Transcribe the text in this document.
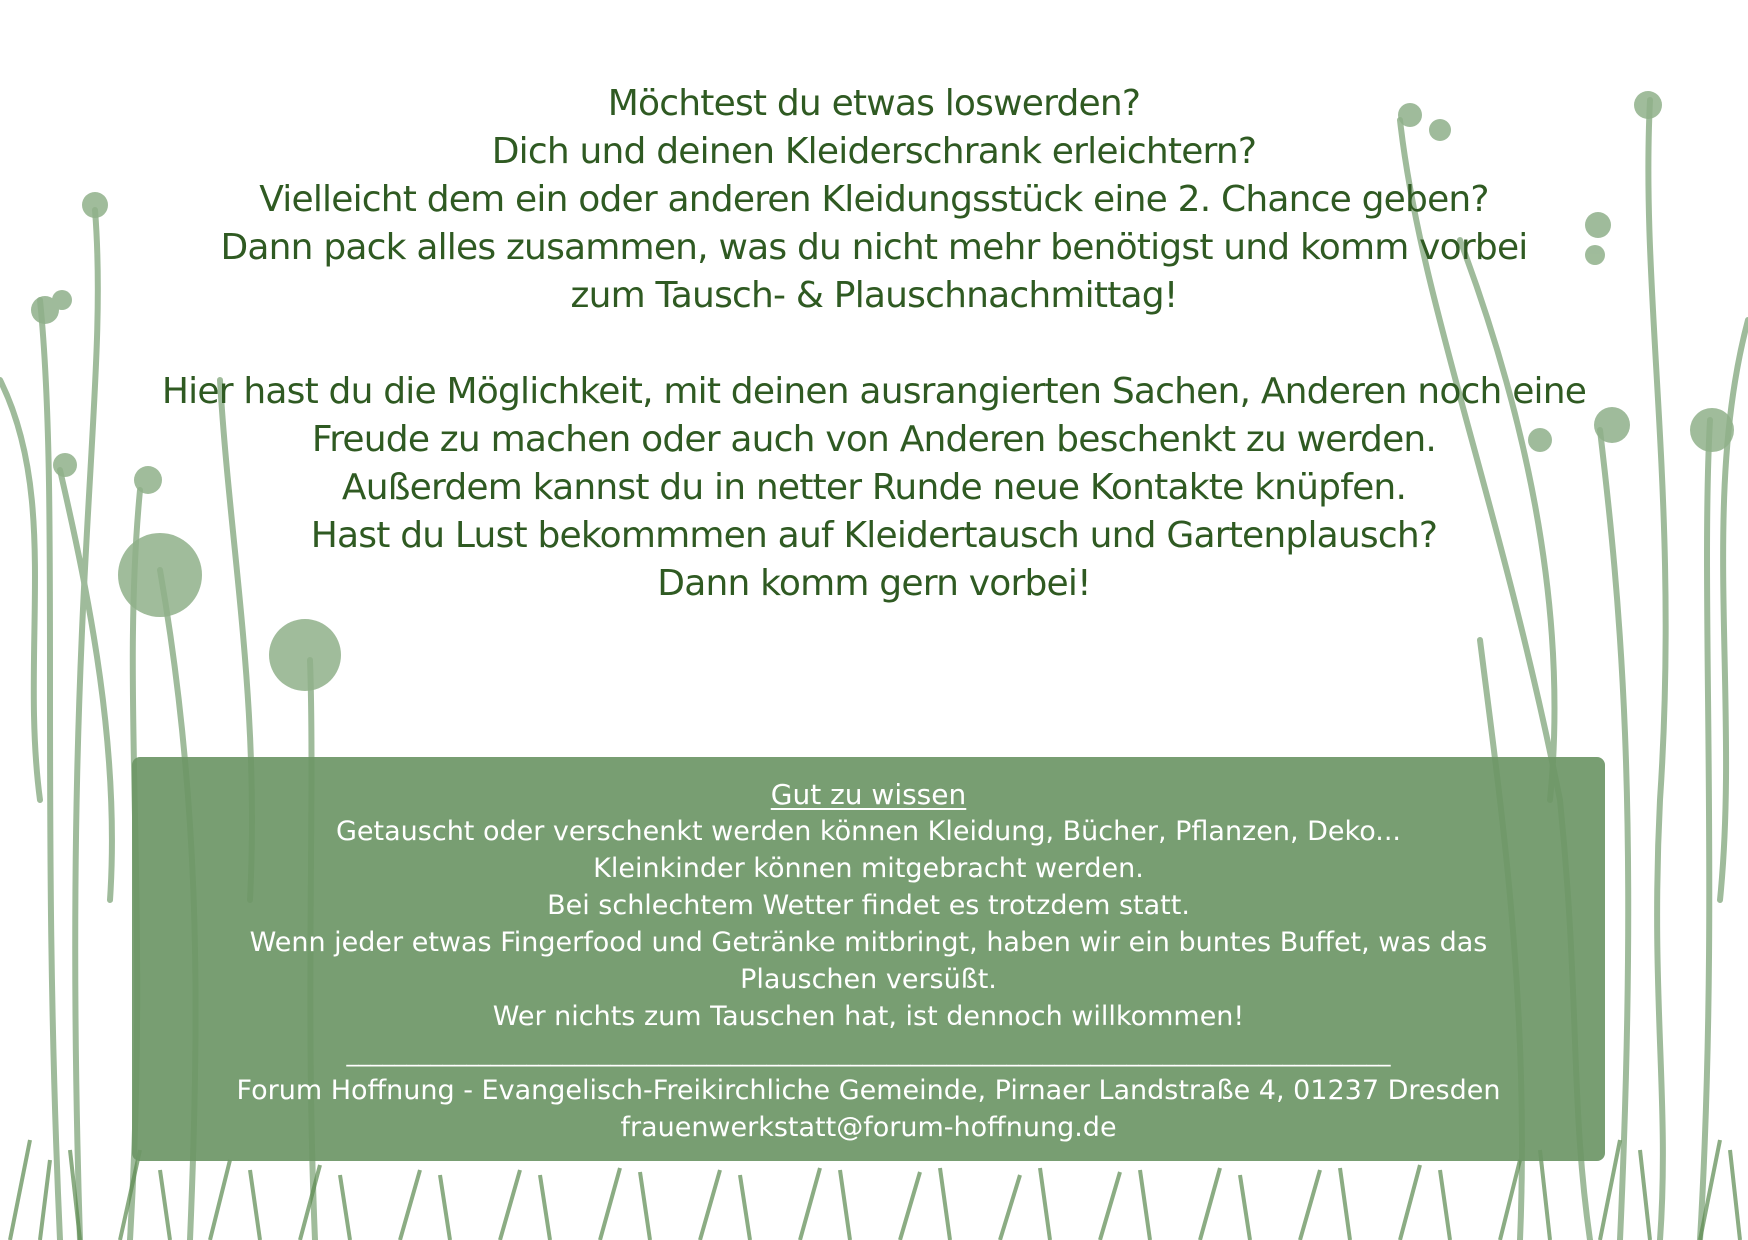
Möchtest du etwas loswerden?
Dich und deinen Kleiderschrank erleichtern?
Vielleicht dem ein oder anderen Kleidungsstück eine 2. Chance geben?
Dann pack alles zusammen, was du nicht mehr benötigst und komm vorbei
zum Tausch- & Plauschnachmittag!
Hier hast du die Möglichkeit, mit deinen ausrangierten Sachen, Anderen noch eine
Freude zu machen oder auch von Anderen beschenkt zu werden.
Außerdem kannst du in netter Runde neue Kontakte knüpfen.
Hast du Lust bekommmen auf Kleidertausch und Gartenplausch?
Dann komm gern vorbei!
Gut zu wissen
Getauscht oder verschenkt werden können Kleidung, Bücher, Pflanzen, Deko...
Kleinkinder können mitgebracht werden.
Bei schlechtem Wetter findet es trotzdem statt.
Wenn jeder etwas Fingerfood und Getränke mitbringt, haben wir ein buntes Buffet, was das
Plauschen versüßt.
Wer nichts zum Tauschen hat, ist dennoch willkommen!
_______________________________________________________________________________________
Forum Hoffnung - Evangelisch-Freikirchliche Gemeinde, Pirnaer Landstraße 4, 01237 Dresden
frauenwerkstatt@forum-hoffnung.de
